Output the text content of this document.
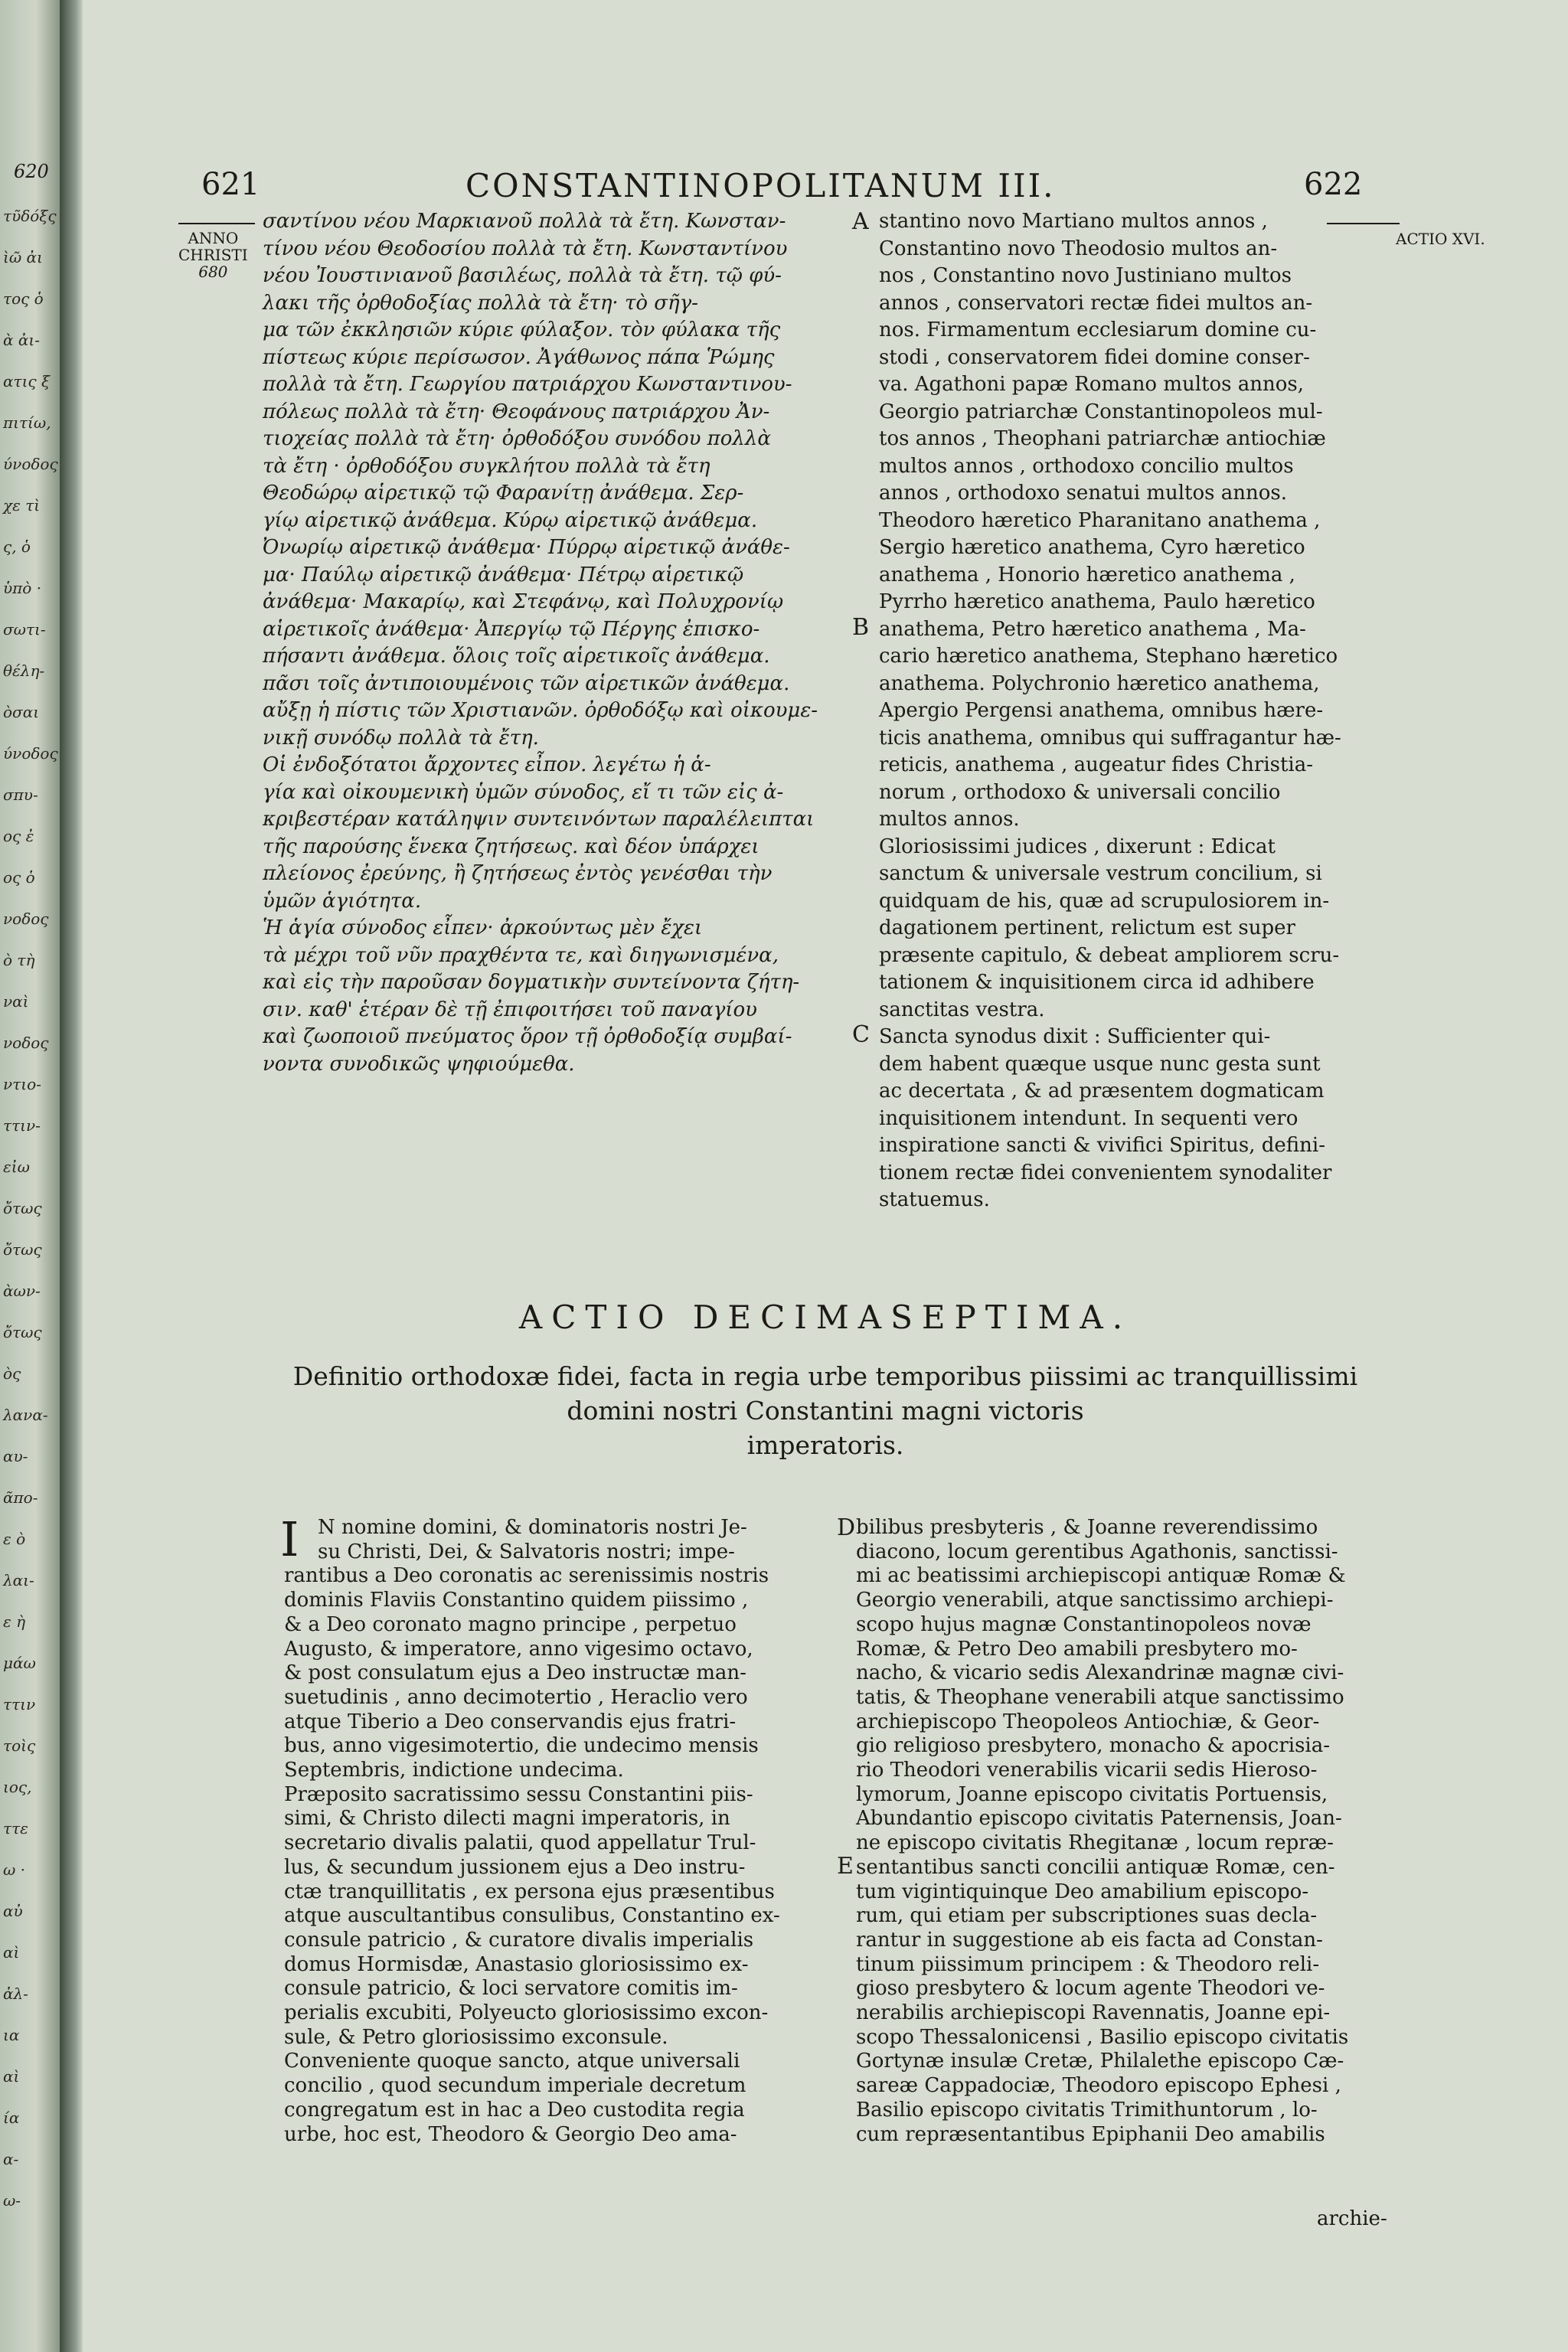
620
τῦδόξς
ὶῶ ἀι
τος ὁ
ὰ ἀι-
ατις ξ
πιτίω,
ύνοδος
χε τὶ
ς, ὁ
ὑπὸ ·
σωτι-
θέλη-
ὸσαι
ύνοδος
σπυ-
ος ἐ
ος ὁ
νοδος
ὸ τὴ
ναὶ
νοδος
ντιο-
ττιν-
εἰω
ὄτως
ὄτως
ὰων-
ὄτως
ὸς
λανα-
αυ-
ᾶπο-
ε ὸ
λαι-
ε ὴ
μάω
ττιν
τοὶς
ιος,
ττε
ω ·
αὐ
αὶ
ἀλ-
ια
αὶ
ία
α-
ω-
621	CONSTANTINOPOLITANUM III.	622
ANNO
CHRISTI
680
ACTIO XVI.
σαντίνου νέου Μαρκιανοῦ πολλὰ τὰ ἔτη. Κωνσταν-
τίνου νέου Θεοδοσίου πολλὰ τὰ ἔτη. Κωνσταντίνου
νέου Ἰουστινιανοῦ βασιλέως, πολλὰ τὰ ἔτη. τῷ φύ-
λακι τῆς ὀρθοδοξίας πολλὰ τὰ ἔτη· τὸ σῆγ-
μα τῶν ἐκκλησιῶν κύριε φύλαξον. τὸν φύλακα τῆς
πίστεως κύριε περίσωσον. Ἀγάθωνος πάπα Ῥώμης
πολλὰ τὰ ἔτη. Γεωργίου πατριάρχου Κωνσταντινου-
πόλεως πολλὰ τὰ ἔτη· Θεοφάνους πατριάρχου Ἀν-
τιοχείας πολλὰ τὰ ἔτη· ὀρθοδόξου συνόδου πολλὰ
τὰ ἔτη · ὀρθοδόξου συγκλήτου πολλὰ τὰ ἔτη
Θεοδώρῳ αἱρετικῷ τῷ Φαρανίτῃ ἀνάθεμα. Σερ-
γίῳ αἱρετικῷ ἀνάθεμα. Κύρῳ αἱρετικῷ ἀνάθεμα.
Ὀνωρίῳ αἱρετικῷ ἀνάθεμα· Πύρρῳ αἱρετικῷ ἀνάθε-
μα· Παύλῳ αἱρετικῷ ἀνάθεμα· Πέτρῳ αἱρετικῷ
ἀνάθεμα· Μακαρίῳ, καὶ Στεφάνῳ, καὶ Πολυχρονίῳ
αἱρετικοῖς ἀνάθεμα· Ἀπεργίῳ τῷ Πέργης ἐπισκο-
πήσαντι ἀνάθεμα. ὅλοις τοῖς αἱρετικοῖς ἀνάθεμα.
πᾶσι τοῖς ἀντιποιουμένοις τῶν αἱρετικῶν ἀνάθεμα.
αὔξῃ ἡ πίστις τῶν Χριστιανῶν. ὀρθοδόξῳ καὶ οἰκουμε-
νικῇ συνόδῳ πολλὰ τὰ ἔτη.
Οἱ ἐνδοξότατοι ἄρχοντες εἶπον. λεγέτω ἡ ἁ-
γία καὶ οἰκουμενικὴ ὑμῶν σύνοδος, εἴ τι τῶν εἰς ἀ-
κριβεστέραν κατάληψιν συντεινόντων παραλέλειπται
τῆς παρούσης ἕνεκα ζητήσεως. καὶ δέον ὑπάρχει
πλείονος ἐρεύνης, ἢ ζητήσεως ἐντὸς γενέσθαι τὴν
ὑμῶν ἁγιότητα.
Ἡ ἁγία σύνοδος εἶπεν· ἀρκούντως μὲν ἔχει
τὰ μέχρι τοῦ νῦν πραχθέντα τε, καὶ διηγωνισμένα,
καὶ εἰς τὴν παροῦσαν δογματικὴν συντείνοντα ζήτη-
σιν. καθ' ἑτέραν δὲ τῇ ἐπιφοιτήσει τοῦ παναγίου
καὶ ζωοποιοῦ πνεύματος ὅρον τῇ ὀρθοδοξίᾳ συμβαί-
νοντα συνοδικῶς ψηφιούμεθα.
stantino novo Martiano multos annos ,
Constantino novo Theodosio multos an-
nos , Constantino novo Justiniano multos
annos , conservatori rectæ fidei multos an-
nos. Firmamentum ecclesiarum domine cu-
stodi , conservatorem fidei domine conser-
va. Agathoni papæ Romano multos annos,
Georgio patriarchæ Constantinopoleos mul-
tos annos , Theophani patriarchæ antiochiæ
multos annos , orthodoxo concilio multos
annos , orthodoxo senatui multos annos.
Theodoro hæretico Pharanitano anathema ,
Sergio hæretico anathema, Cyro hæretico
anathema , Honorio hæretico anathema ,
Pyrrho hæretico anathema, Paulo hæretico
anathema, Petro hæretico anathema , Ma-
cario hæretico anathema, Stephano hæretico
anathema. Polychronio hæretico anathema,
Apergio Pergensi anathema, omnibus hære-
ticis anathema, omnibus qui suffragantur hæ-
reticis, anathema , augeatur fides Christia-
norum , orthodoxo & universali concilio
multos annos.
Gloriosissimi judices , dixerunt : Edicat
sanctum & universale vestrum concilium, si
quidquam de his, quæ ad scrupulosiorem in-
dagationem pertinent, relictum est super
præsente capitulo, & debeat ampliorem scru-
tationem & inquisitionem circa id adhibere
sanctitas vestra.
Sancta synodus dixit : Sufficienter qui-
dem habent quæque usque nunc gesta sunt
ac decertata , & ad præsentem dogmaticam
inquisitionem intendunt. In sequenti vero
inspiratione sancti & vivifici Spiritus, defini-
tionem rectæ fidei convenientem synodaliter
statuemus.
A
B
C
ACTIO DECIMASEPTIMA.
Definitio orthodoxæ fidei, facta in regia urbe temporibus piissimi ac tranquillissimi
domini nostri Constantini magni victoris
imperatoris.
I N nomine domini, & dominatoris nostri Je-
su Christi, Dei, & Salvatoris nostri; impe-
rantibus a Deo coronatis ac serenissimis nostris
dominis Flaviis Constantino quidem piissimo ,
& a Deo coronato magno principe , perpetuo
Augusto, & imperatore, anno vigesimo octavo,
& post consulatum ejus a Deo instructæ man-
suetudinis , anno decimotertio , Heraclio vero
atque Tiberio a Deo conservandis ejus fratri-
bus, anno vigesimotertio, die undecimo mensis
Septembris, indictione undecima.
Præposito sacratissimo sessu Constantini piis-
simi, & Christo dilecti magni imperatoris, in
secretario divalis palatii, quod appellatur Trul-
lus, & secundum jussionem ejus a Deo instru-
ctæ tranquillitatis , ex persona ejus præsentibus
atque auscultantibus consulibus, Constantino ex-
consule patricio , & curatore divalis imperialis
domus Hormisdæ, Anastasio gloriosissimo ex-
consule patricio, & loci servatore comitis im-
perialis excubiti, Polyeucto gloriosissimo excon-
sule, & Petro gloriosissimo exconsule.
Conveniente quoque sancto, atque universali
concilio , quod secundum imperiale decretum
congregatum est in hac a Deo custodita regia
urbe, hoc est, Theodoro & Georgio Deo ama-
bilibus presbyteris , & Joanne reverendissimo
diacono, locum gerentibus Agathonis, sanctissi-
mi ac beatissimi archiepiscopi antiquæ Romæ &
Georgio venerabili, atque sanctissimo archiepi-
scopo hujus magnæ Constantinopoleos novæ
Romæ, & Petro Deo amabili presbytero mo-
nacho, & vicario sedis Alexandrinæ magnæ civi-
tatis, & Theophane venerabili atque sanctissimo
archiepiscopo Theopoleos Antiochiæ, & Geor-
gio religioso presbytero, monacho & apocrisia-
rio Theodori venerabilis vicarii sedis Hieroso-
lymorum, Joanne episcopo civitatis Portuensis,
Abundantio episcopo civitatis Paternensis, Joan-
ne episcopo civitatis Rhegitanæ , locum repræ-
sentantibus sancti concilii antiquæ Romæ, cen-
tum vigintiquinque Deo amabilium episcopo-
rum, qui etiam per subscriptiones suas decla-
rantur in suggestione ab eis facta ad Constan-
tinum piissimum principem : & Theodoro reli-
gioso presbytero & locum agente Theodori ve-
nerabilis archiepiscopi Ravennatis, Joanne epi-
scopo Thessalonicensi , Basilio episcopo civitatis
Gortynæ insulæ Cretæ, Philalethe episcopo Cæ-
sareæ Cappadociæ, Theodoro episcopo Ephesi ,
Basilio episcopo civitatis Trimithuntorum , lo-
cum repræsentantibus Epiphanii Deo amabilis
D
E
archie-
